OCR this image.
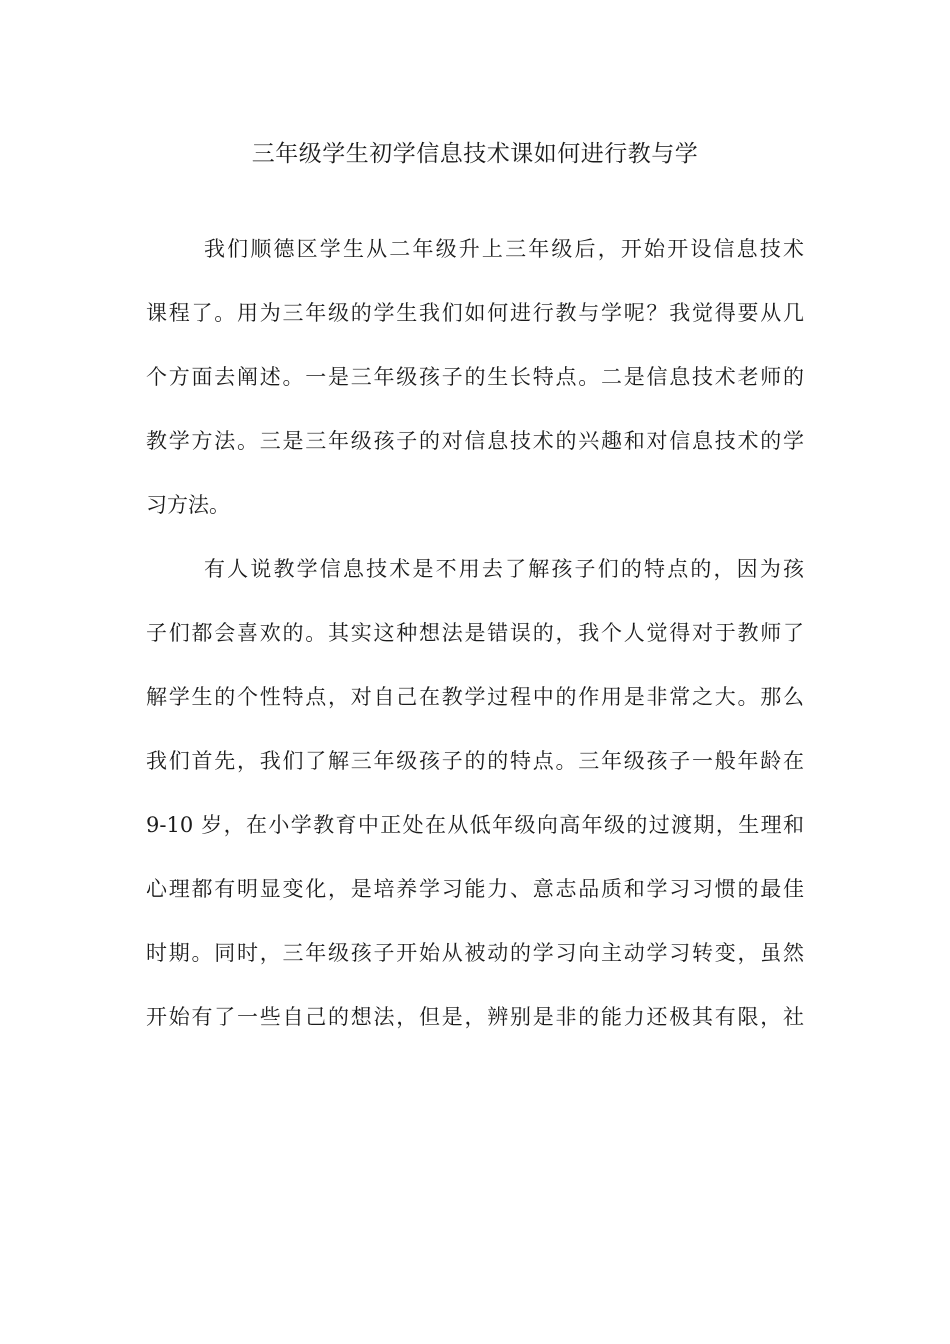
三年级学生初学信息技术课如何进行教与学

我们顺德区学生从二年级升上三年级后，开始开设信息技术

课程了。用为三年级的学生我们如何进行教与学呢？我觉得要从几

个方面去阐述。一是三年级孩子的生长特点。二是信息技术老师的

教学方法。三是三年级孩子的对信息技术的兴趣和对信息技术的学

习方法。

有人说教学信息技术是不用去了解孩子们的特点的，因为孩

子们都会喜欢的。其实这种想法是错误的，我个人觉得对于教师了

解学生的个性特点，对自己在教学过程中的作用是非常之大。那么

我们首先，我们了解三年级孩子的的特点。三年级孩子一般年龄在

9-10 岁，在小学教育中正处在从低年级向高年级的过渡期，生理和

心理都有明显变化，是培养学习能力、意志品质和学习习惯的最佳

时期。同时，三年级孩子开始从被动的学习向主动学习转变，虽然

开始有了一些自己的想法，但是，辨别是非的能力还极其有限，社
